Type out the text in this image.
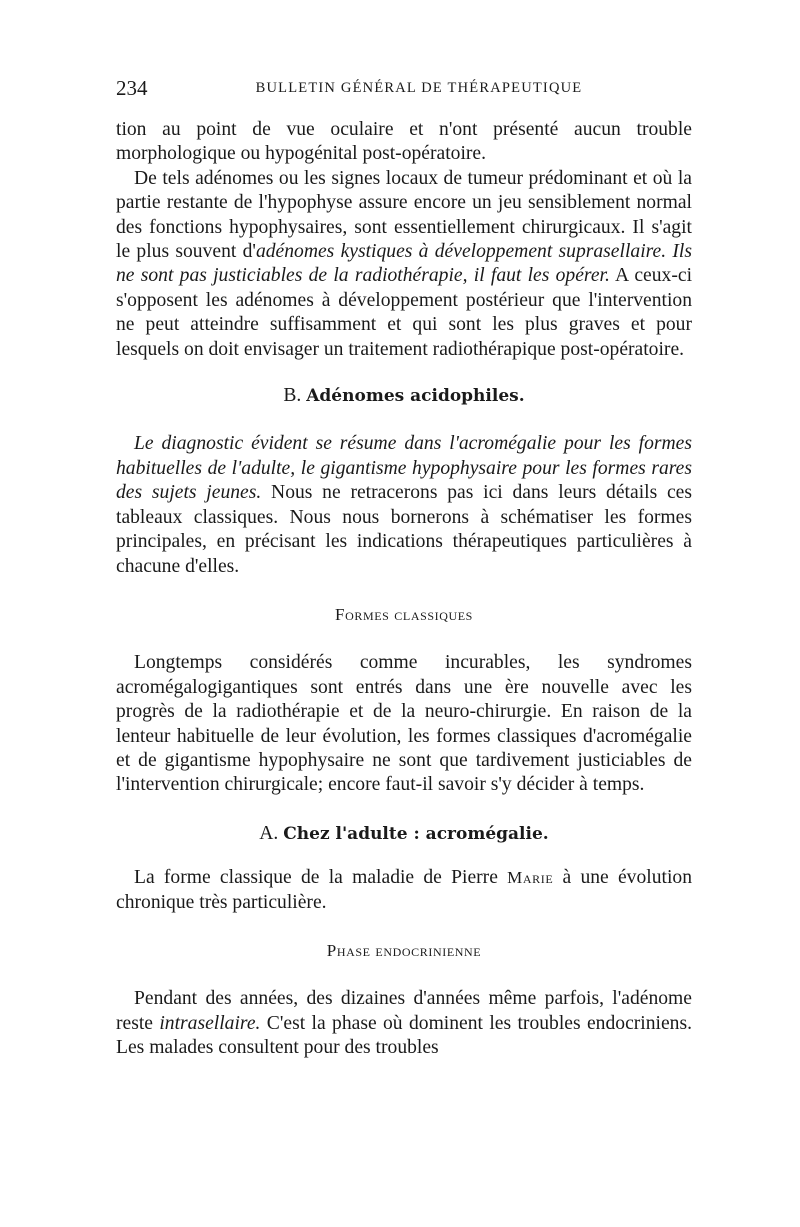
234	BULLETIN GÉNÉRAL DE THÉRAPEUTIQUE

tion au point de vue oculaire et n'ont présenté aucun trouble morphologique ou hypogénital post-opératoire.

De tels adénomes ou les signes locaux de tumeur prédominant et où la partie restante de l'hypophyse assure encore un jeu sensiblement normal des fonctions hypophysaires, sont essentiellement chirurgicaux. Il s'agit le plus souvent d'adénomes kystiques à développement suprasellaire. Ils ne sont pas justiciables de la radiothérapie, il faut les opérer. A ceux-ci s'opposent les adénomes à développement postérieur que l'intervention ne peut atteindre suffisamment et qui sont les plus graves et pour lesquels on doit envisager un traitement radiothérapique post-opératoire.

B. Adénomes acidophiles.

Le diagnostic évident se résume dans l'acromégalie pour les formes habituelles de l'adulte, le gigantisme hypophysaire pour les formes rares des sujets jeunes. Nous ne retracerons pas ici dans leurs détails ces tableaux classiques. Nous nous bornerons à schématiser les formes principales, en précisant les indications thérapeutiques particulières à chacune d'elles.

Formes classiques

Longtemps considérés comme incurables, les syndromes acromégalogigantiques sont entrés dans une ère nouvelle avec les progrès de la radiothérapie et de la neuro-chirurgie. En raison de la lenteur habituelle de leur évolution, les formes classiques d'acromégalie et de gigantisme hypophysaire ne sont que tardivement justiciables de l'intervention chirurgicale; encore faut-il savoir s'y décider à temps.

A. Chez l'adulte : acromégalie.

La forme classique de la maladie de Pierre Marie à une évolution chronique très particulière.

Phase endocrinienne

Pendant des années, des dizaines d'années même parfois, l'adénome reste intrasellaire. C'est la phase où dominent les troubles endocriniens. Les malades consultent pour des troubles
